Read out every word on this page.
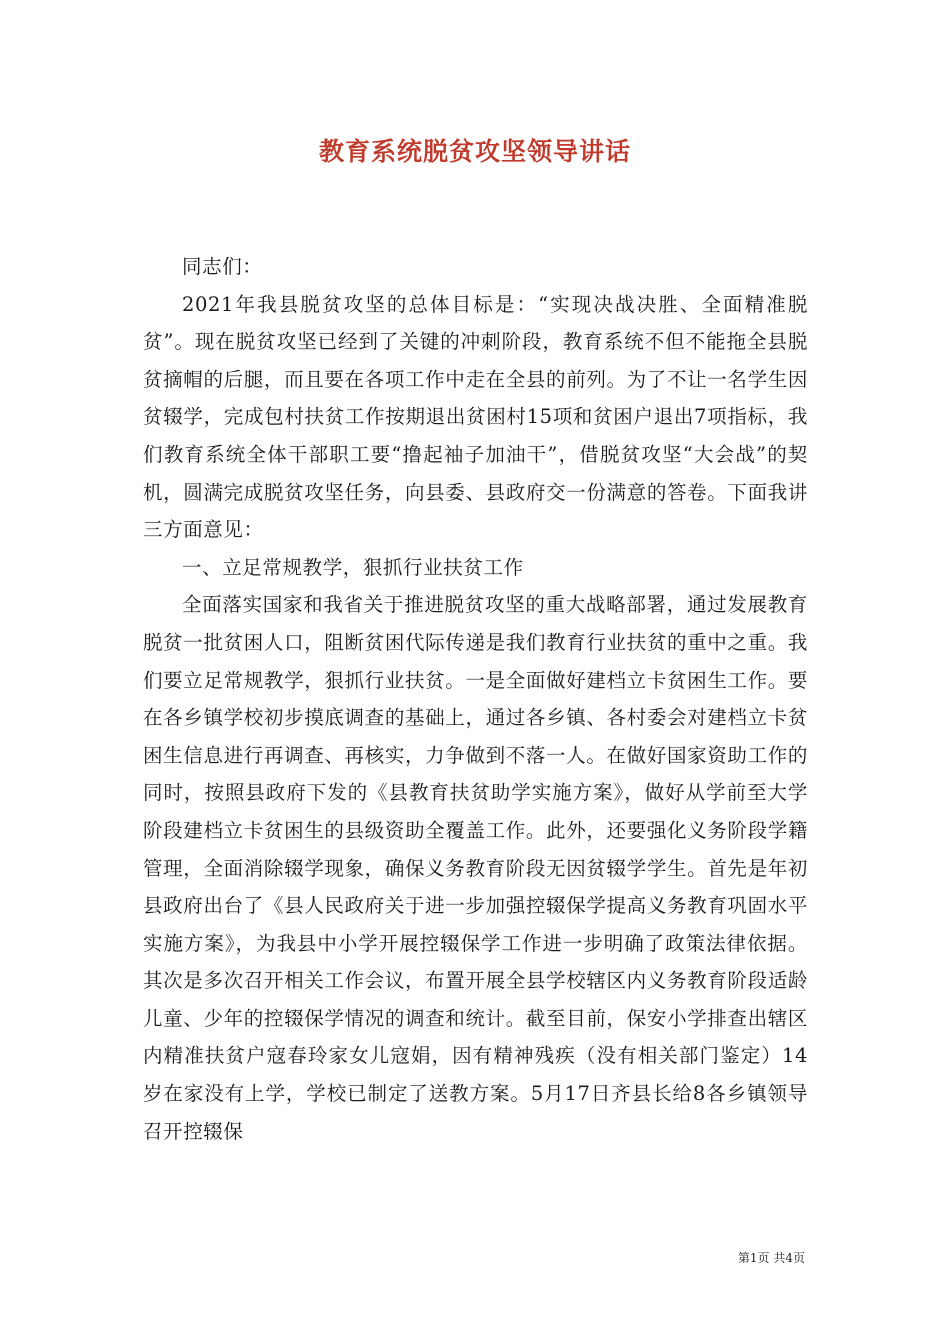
教育系统脱贫攻坚领导讲话

同志们：

2021年我县脱贫攻坚的总体目标是：“实现决战决胜、全面精准脱贫”。现在脱贫攻坚已经到了关键的冲刺阶段，教育系统不但不能拖全县脱贫摘帽的后腿，而且要在各项工作中走在全县的前列。为了不让一名学生因贫辍学，完成包村扶贫工作按期退出贫困村15项和贫困户退出7项指标，我们教育系统全体干部职工要“撸起袖子加油干”，借脱贫攻坚“大会战”的契机，圆满完成脱贫攻坚任务，向县委、县政府交一份满意的答卷。下面我讲三方面意见：

一、立足常规教学，狠抓行业扶贫工作

全面落实国家和我省关于推进脱贫攻坚的重大战略部署，通过发展教育脱贫一批贫困人口，阻断贫困代际传递是我们教育行业扶贫的重中之重。我们要立足常规教学，狠抓行业扶贫。一是全面做好建档立卡贫困生工作。要在各乡镇学校初步摸底调查的基础上，通过各乡镇、各村委会对建档立卡贫困生信息进行再调查、再核实，力争做到不落一人。在做好国家资助工作的同时，按照县政府下发的《县教育扶贫助学实施方案》，做好从学前至大学阶段建档立卡贫困生的县级资助全覆盖工作。此外，还要强化义务阶段学籍管理，全面消除辍学现象，确保义务教育阶段无因贫辍学学生。首先是年初县政府出台了《县人民政府关于进一步加强控辍保学提高义务教育巩固水平实施方案》，为我县中小学开展控辍保学工作进一步明确了政策法律依据。其次是多次召开相关工作会议，布置开展全县学校辖区内义务教育阶段适龄儿童、少年的控辍保学情况的调查和统计。截至目前，保安小学排查出辖区内精准扶贫户寇春玲家女儿寇娟，因有精神残疾（没有相关部门鉴定）14岁在家没有上学，学校已制定了送教方案。5月17日齐县长给8各乡镇领导召开控辍保

第1页 共4页
